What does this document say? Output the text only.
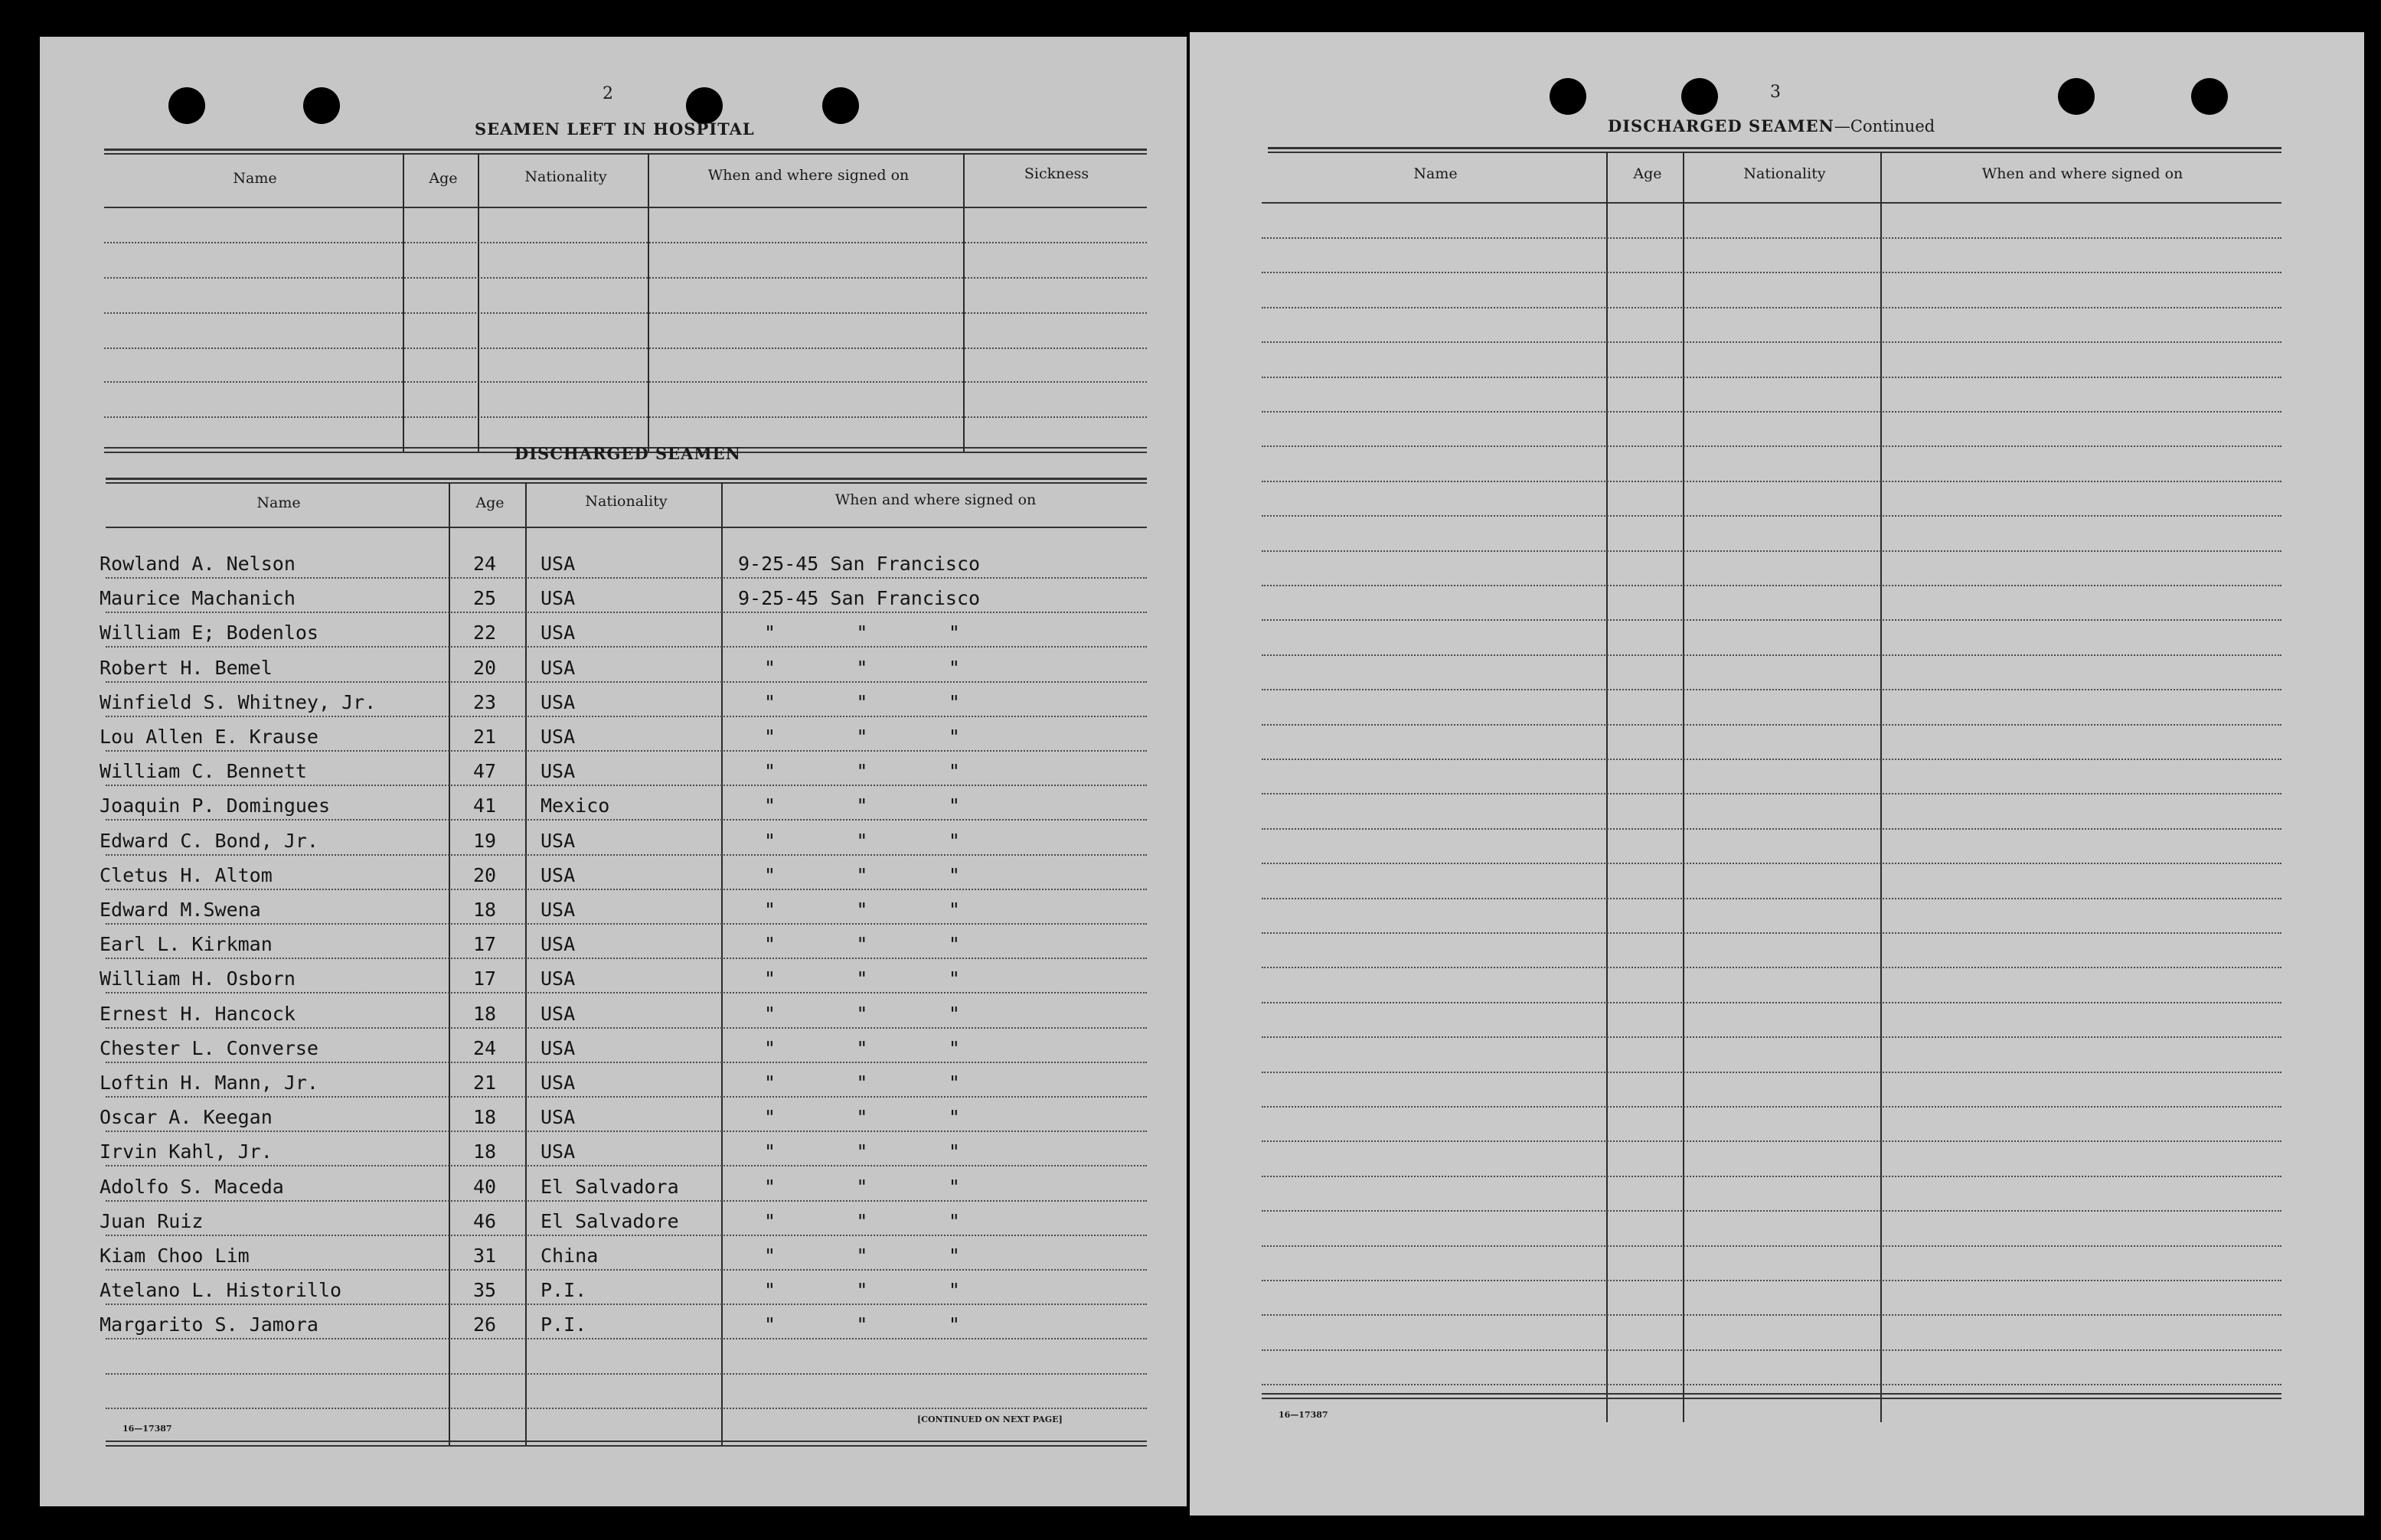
2
SEAMEN LEFT IN HOSPITAL
Name	Age	Nationality	When and where signed on	Sickness
DISCHARGED SEAMEN
Name	Age	Nationality	When and where signed on
Rowland A. Nelson	24 USA	9-25-45 San Francisco
Maurice Machanich	25 USA	9-25-45 San Francisco
William E; Bodenlos	22 USA	"       "       "
Robert H. Bemel	20 USA	"       "       "
Winfield S. Whitney, Jr.	23 USA	"       "       "
Lou Allen E. Krause	21 USA	"       "       "
William C. Bennett	47 USA	"       "       "
Joaquin P. Domingues	41 Mexico	"       "       "
Edward C. Bond, Jr.	19 USA	"       "       "
Cletus H. Altom	20 USA	"       "       "
Edward M.Swena	18 USA	"       "       "
Earl L. Kirkman	17 USA	"       "       "
William H. Osborn	17 USA	"       "       "
Ernest H. Hancock	18 USA	"       "       "
Chester L. Converse	24 USA	"       "       "
Loftin H. Mann, Jr.	21 USA	"       "       "
Oscar A. Keegan	18 USA	"       "       "
Irvin Kahl, Jr.	18 USA	"       "       "
Adolfo S. Maceda	40 El Salvadora	"       "       "
Juan Ruiz	46 El Salvadore	"       "       "
Kiam Choo Lim	31 China	"       "       "
Atelano L. Historillo	35 P.I.	"       "       "
Margarito S. Jamora	26 P.I.	"       "       "
16—17387
[CONTINUED ON NEXT PAGE]
3
DISCHARGED SEAMEN—Continued
Name	Age	Nationality	When and where signed on
16—17387
